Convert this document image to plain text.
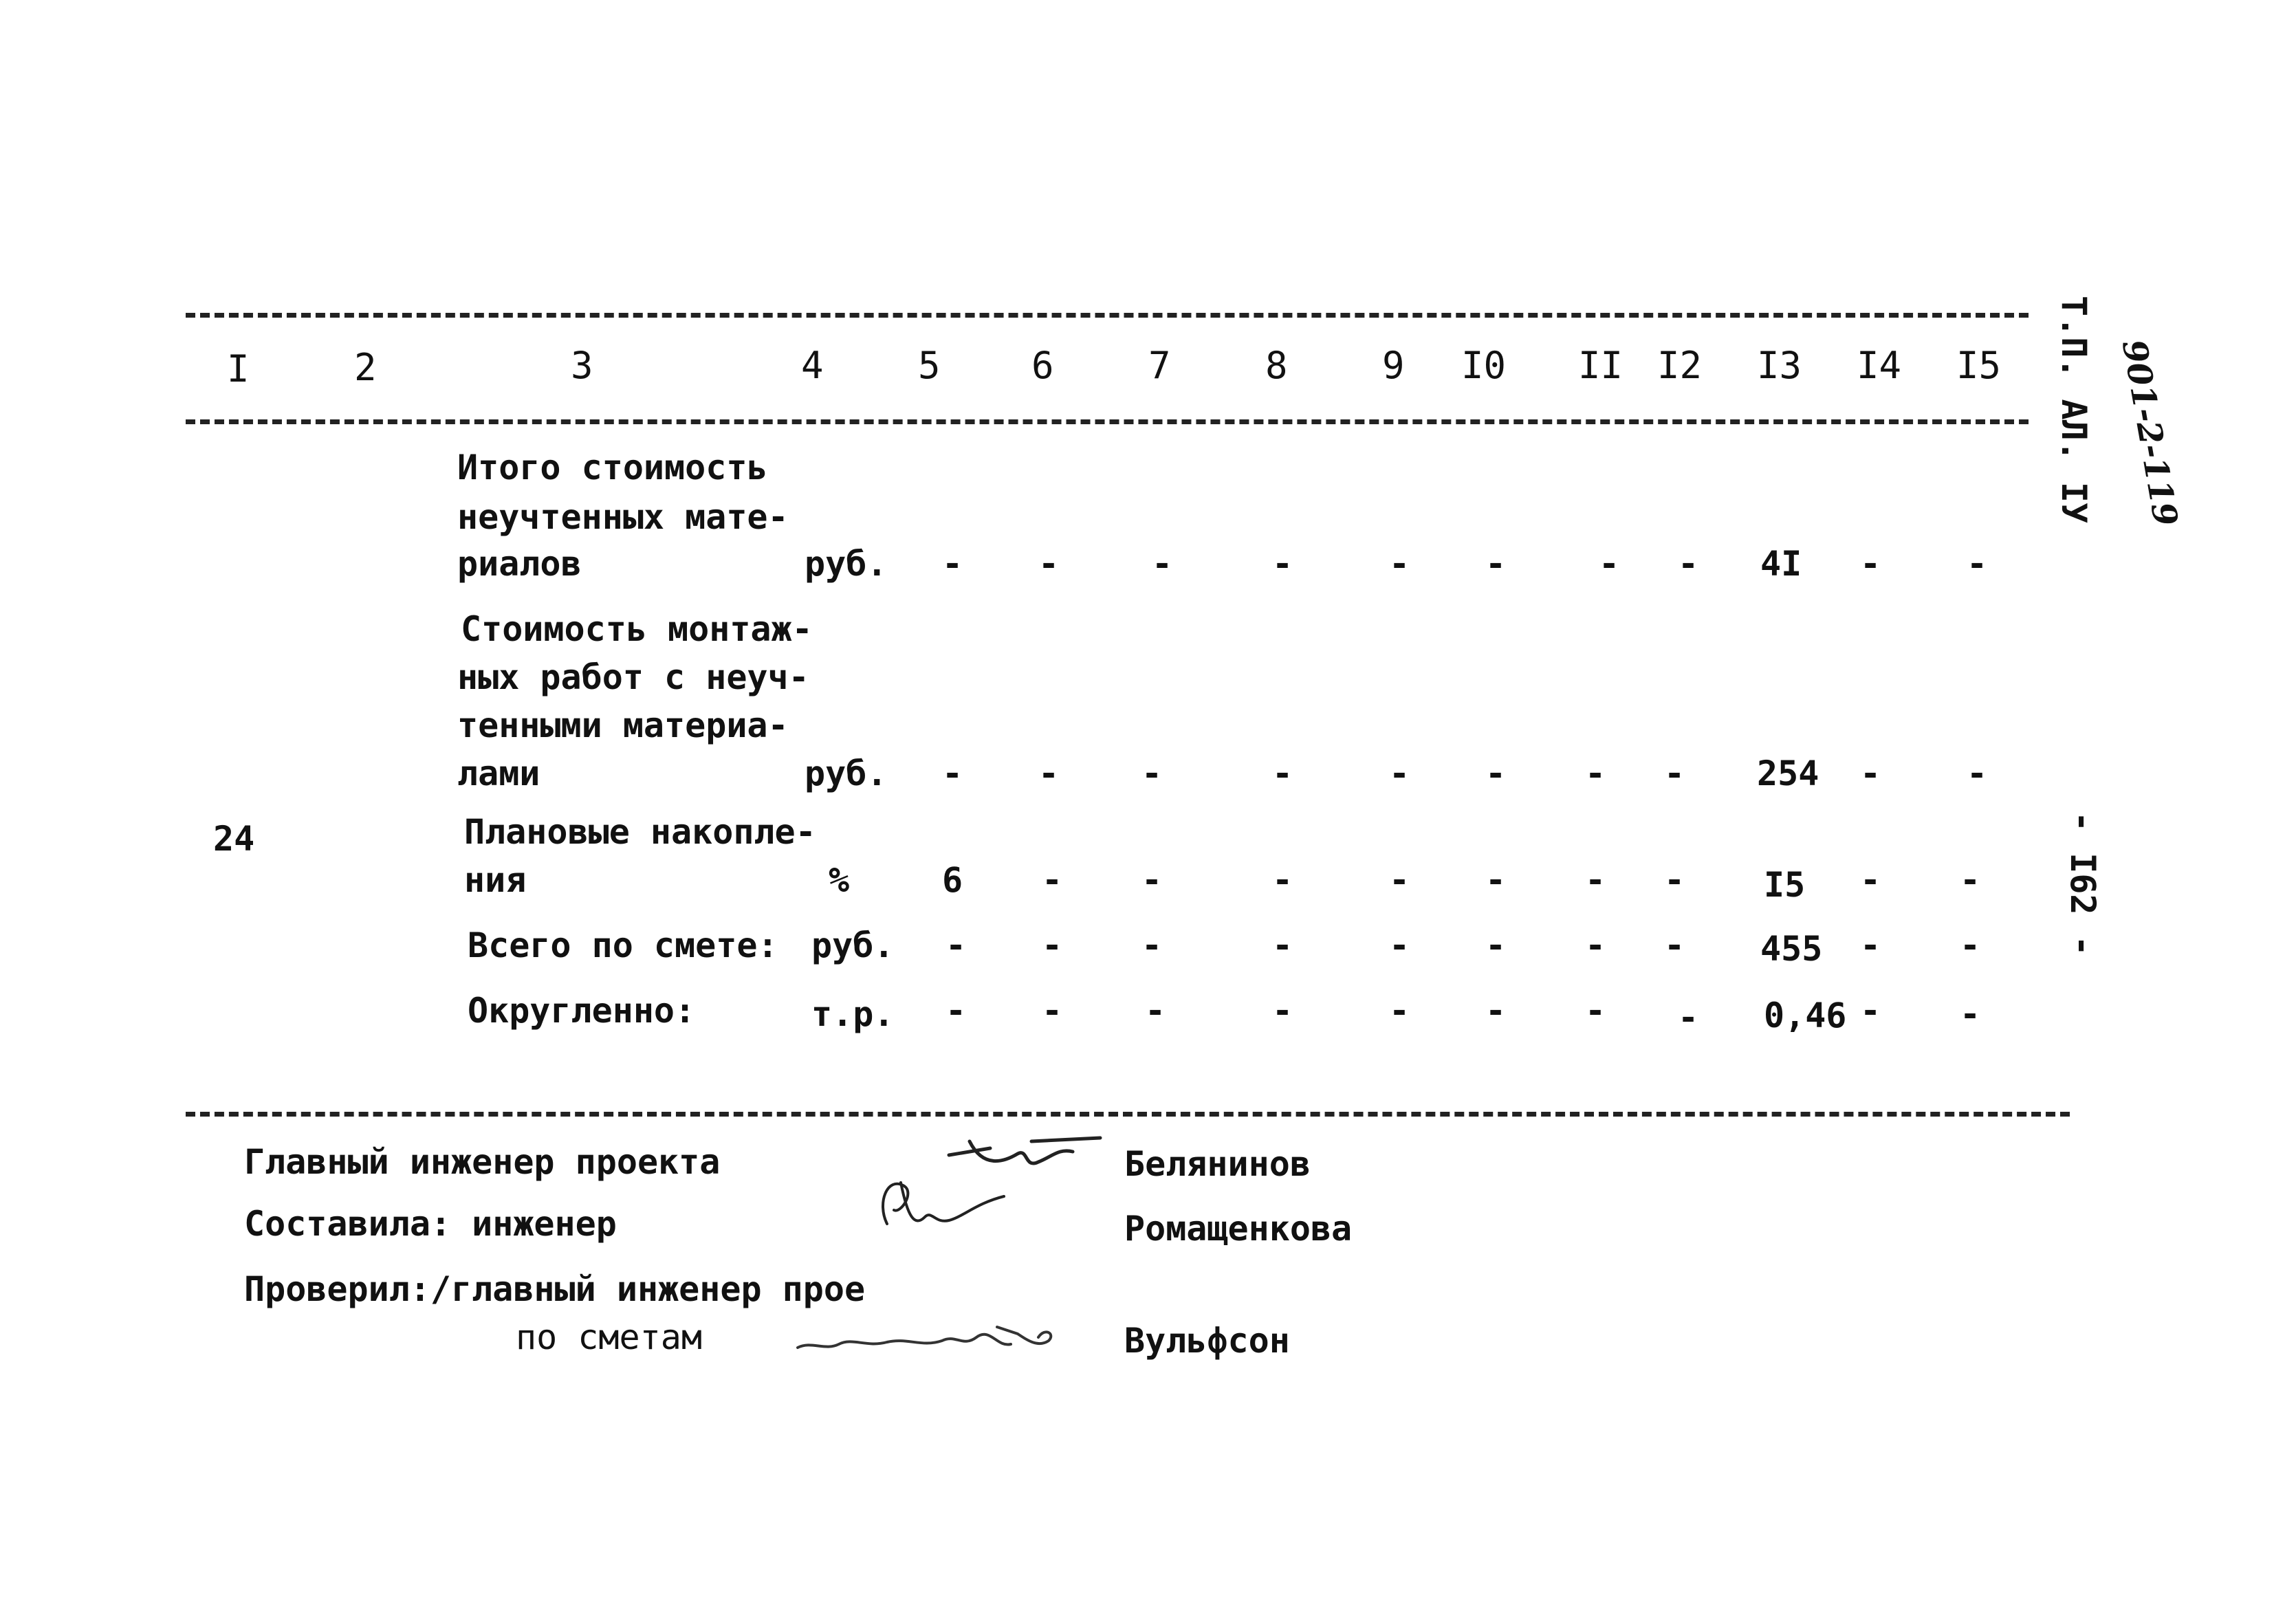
I	2	3	4	5 6	7	8	9 I0 II I2 I3 I4 I5
Итого стоимость
неучтенных мате-
риалов	руб. - -	-	-	- -	- - 4I - -
Стоимость монтаж-
ных работ с неуч-
тенными материа-
лами	руб. - - -	-	- - - - 254 - -
24	Плановые накопле-
ния	%	6 - -	-	- - - - I5 - -
Всего по смете: руб. - - -	-	- - - - 455 - -
Округленно:	т.р. - - -	-	- - - - 0,46 - -
Главный инженер проекта	Белянинов
Составила: инженер	Ромащенкова
Проверил:/главный инженер прое
по сметам	Вульфсон
Т.П. АЛ. IУ 901-2-119
- I62 -
